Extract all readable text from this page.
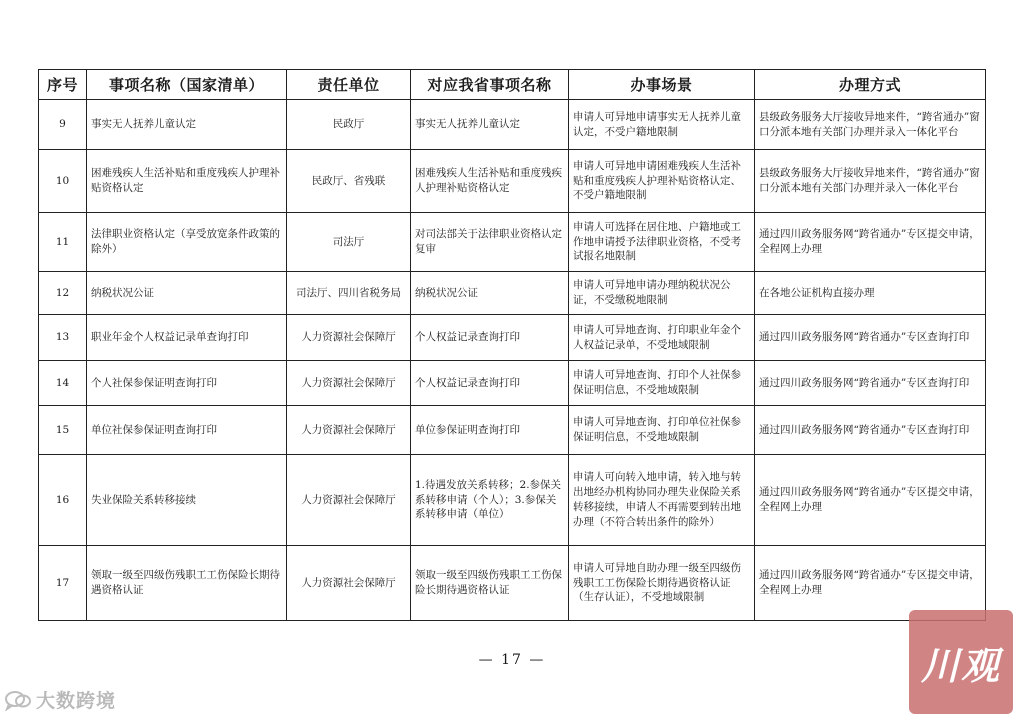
序号	事项名称（国家清单）	责任单位	对应我省事项名称	办事场景	办理方式
9	事实无人抚养儿童认定	民政厅	事实无人抚养儿童认定	申请人可异地申请事实无人抚养儿童认定，不受户籍地限制	县级政务服务大厅接收异地来件，“跨省通办”窗口分派本地有关部门办理并录入一体化平台
10	困难残疾人生活补贴和重度残疾人护理补贴资格认定	民政厅、省残联	困难残疾人生活补贴和重度残疾人护理补贴资格认定	申请人可异地申请困难残疾人生活补贴和重度残疾人护理补贴资格认定、不受户籍地限制	县级政务服务大厅接收异地来件，“跨省通办”窗口分派本地有关部门办理并录入一体化平台
11	法律职业资格认定（享受放宽条件政策的除外）	司法厅	对司法部关于法律职业资格认定复审	申请人可选择在居住地、户籍地或工作地申请授予法律职业资格，不受考试报名地限制	通过四川政务服务网“跨省通办”专区提交申请，全程网上办理
12	纳税状况公证	司法厅、四川省税务局	纳税状况公证	申请人可异地申请办理纳税状况公证，不受缴税地限制	在各地公证机构直接办理
13	职业年金个人权益记录单查询打印	人力资源社会保障厅	个人权益记录查询打印	申请人可异地查询、打印职业年金个人权益记录单，不受地域限制	通过四川政务服务网“跨省通办”专区查询打印
14	个人社保参保证明查询打印	人力资源社会保障厅	个人权益记录查询打印	申请人可异地查询、打印个人社保参保证明信息，不受地域限制	通过四川政务服务网“跨省通办”专区查询打印
15	单位社保参保证明查询打印	人力资源社会保障厅	单位参保证明查询打印	申请人可异地查询、打印单位社保参保证明信息，不受地域限制	通过四川政务服务网“跨省通办”专区查询打印
16	失业保险关系转移接续	人力资源社会保障厅	1.待遇发放关系转移；2.参保关系转移申请（个人）；3.参保关系转移申请（单位）	申请人可向转入地申请，转入地与转出地经办机构协同办理失业保险关系转移接续，申请人不再需要到转出地办理（不符合转出条件的除外）	通过四川政务服务网“跨省通办”专区提交申请，全程网上办理
17	领取一级至四级伤残职工工伤保险长期待遇资格认证	人力资源社会保障厅	领取一级至四级伤残职工工伤保险长期待遇资格认证	申请人可异地自助办理一级至四级伤残职工工伤保险长期待遇资格认证（生存认证），不受地域限制	通过四川政务服务网“跨省通办”专区提交申请，全程网上办理
— 17 —
大数跨境
川观
